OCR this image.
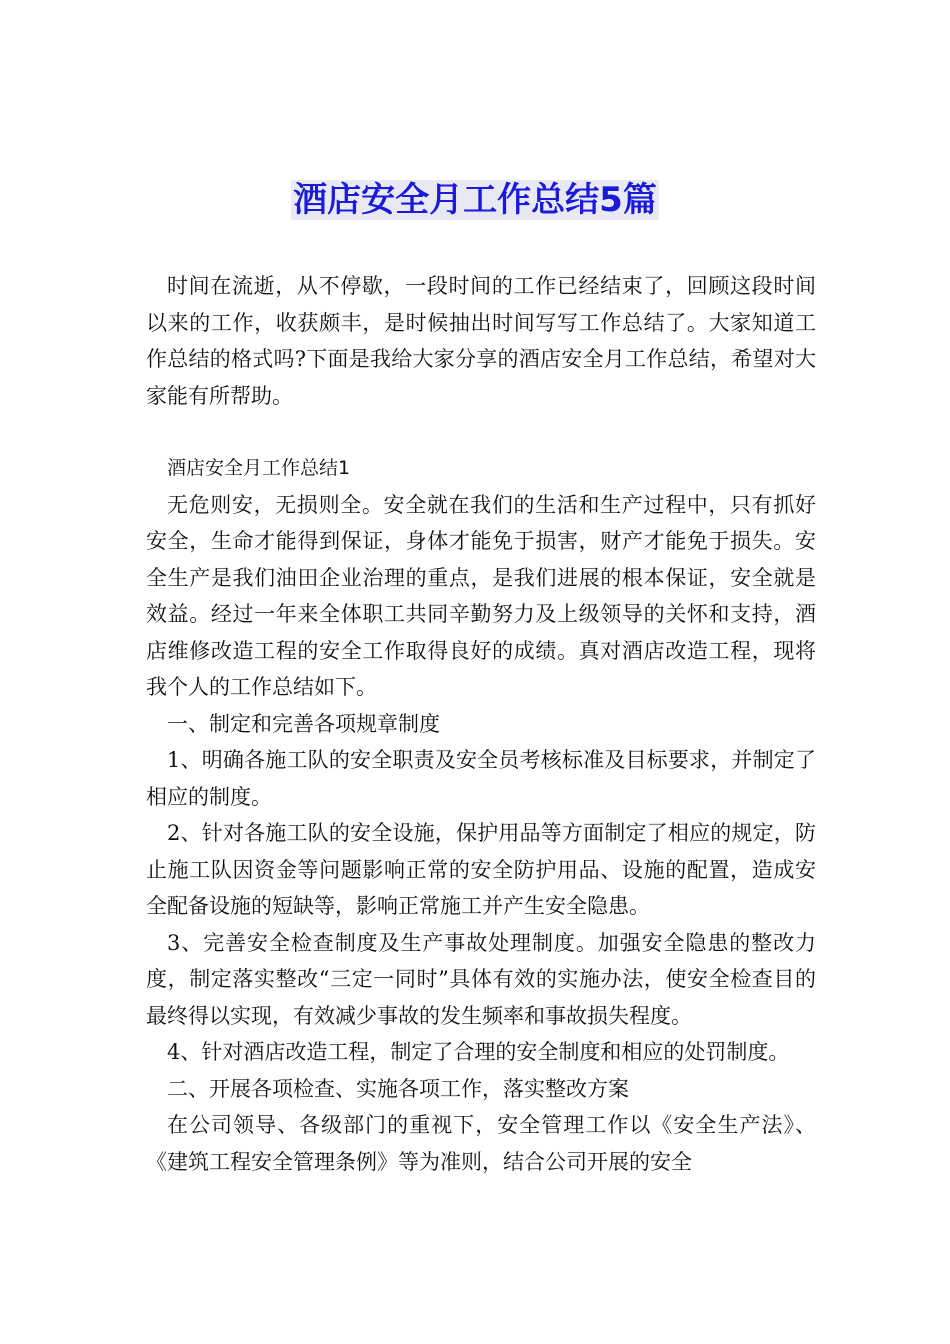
酒店安全月工作总结5篇

时间在流逝，从不停歇，一段时间的工作已经结束了，回顾这段时间以来的工作，收获颇丰，是时候抽出时间写写工作总结了。大家知道工作总结的格式吗?下面是我给大家分享的酒店安全月工作总结，希望对大家能有所帮助。

酒店安全月工作总结1

无危则安，无损则全。安全就在我们的生活和生产过程中，只有抓好安全，生命才能得到保证，身体才能免于损害，财产才能免于损失。安全生产是我们油田企业治理的重点，是我们进展的根本保证，安全就是效益。经过一年来全体职工共同辛勤努力及上级领导的关怀和支持，酒店维修改造工程的安全工作取得良好的成绩。真对酒店改造工程，现将我个人的工作总结如下。

一、制定和完善各项规章制度

1、明确各施工队的安全职责及安全员考核标准及目标要求，并制定了相应的制度。

2、针对各施工队的安全设施，保护用品等方面制定了相应的规定，防止施工队因资金等问题影响正常的安全防护用品、设施的配置，造成安全配备设施的短缺等，影响正常施工并产生安全隐患。

3、完善安全检查制度及生产事故处理制度。加强安全隐患的整改力度，制定落实整改“三定一同时”具体有效的实施办法，使安全检查目的最终得以实现，有效减少事故的发生频率和事故损失程度。

4、针对酒店改造工程，制定了合理的安全制度和相应的处罚制度。

二、开展各项检查、实施各项工作，落实整改方案

在公司领导、各级部门的重视下，安全管理工作以《安全生产法》、《建筑工程安全管理条例》等为准则，结合公司开展的安全
